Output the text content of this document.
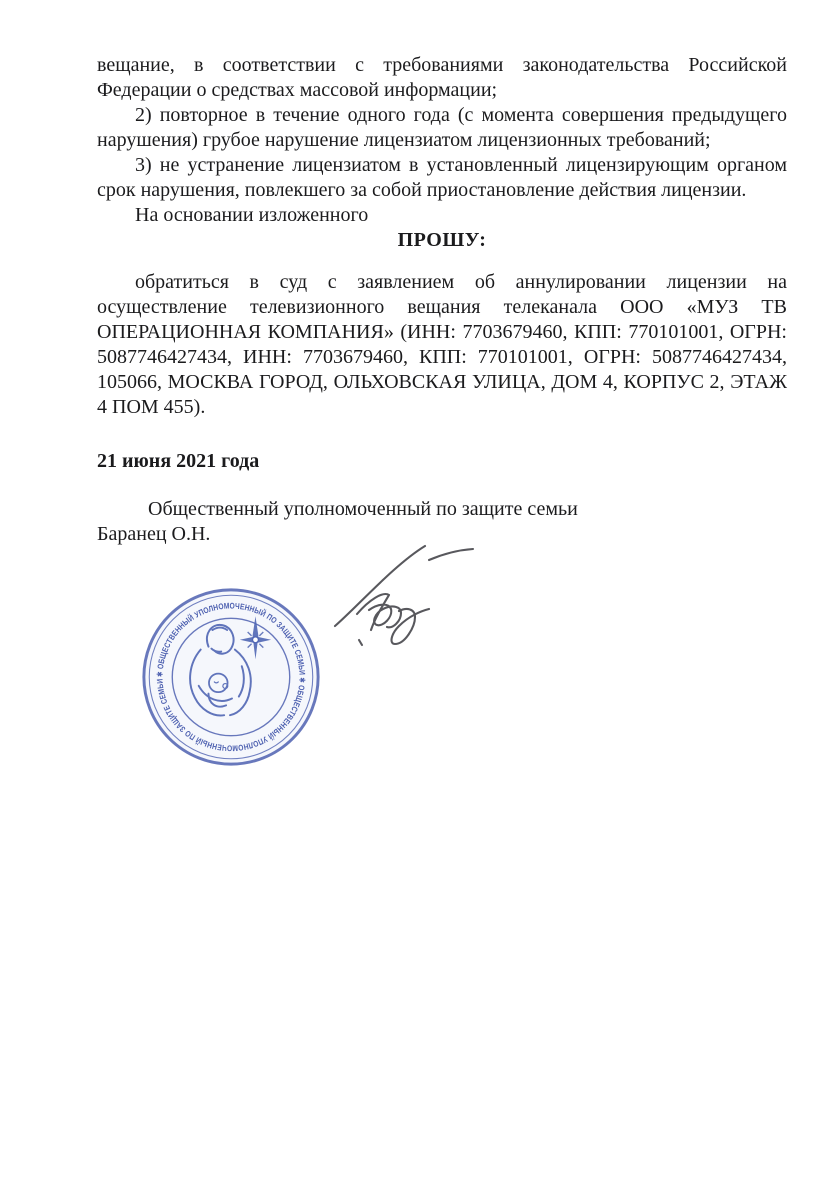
вещание, в соответствии с требованиями законодательства Российской Федерации о средствах массовой информации;

2) повторное в течение одного года (с момента совершения предыдущего нарушения) грубое нарушение лицензиатом лицензионных требований;

3) не устранение лицензиатом в установленный лицензирующим органом срок нарушения, повлекшего за собой приостановление действия лицензии.

На основании изложенного

ПРОШУ:

обратиться в суд с заявлением об аннулировании лицензии на осуществление телевизионного вещания телеканала ООО «МУЗ ТВ ОПЕРАЦИОННАЯ КОМПАНИЯ» (ИНН: 7703679460, КПП: 770101001, ОГРН: 5087746427434, ИНН: 7703679460, КПП: 770101001, ОГРН: 5087746427434, 105066, МОСКВА ГОРОД, ОЛЬХОВСКАЯ УЛИЦА, ДОМ 4, КОРПУС 2, ЭТАЖ 4 ПОМ 455).

21 июня 2021 года

Общественный уполномоченный по защите семьи

Баранец О.Н.

✱ ОБЩЕСТВЕННЫЙ УПОЛНОМОЧЕННЫЙ ПО ЗАЩИТЕ СЕМЬИ ✱ ОБЩЕСТВЕННЫЙ УПОЛНОМОЧЕННЫЙ ПО ЗАЩИТЕ СЕМЬИ
